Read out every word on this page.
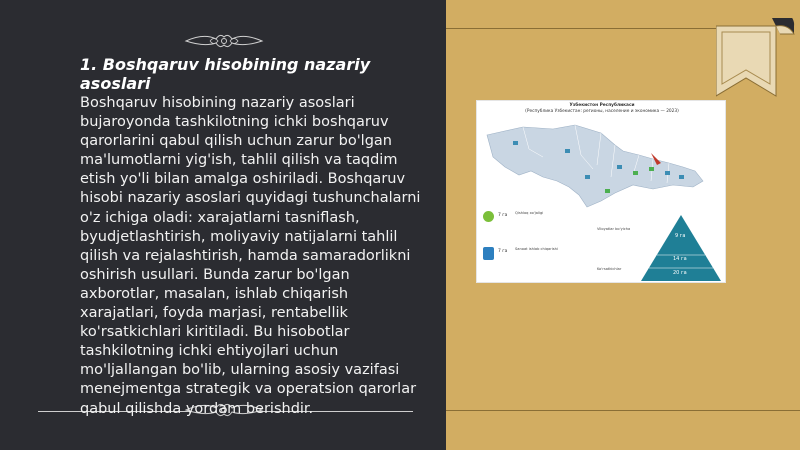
1. Boshqaruv hisobining nazariy asoslari
Boshqaruv hisobining nazariy asoslari bujaroyonda tashkilotning ichki boshqaruv qarorlarini qabul qilish uchun zarur bo'lgan ma'lumotlarni yig'ish, tahlil qilish va taqdim etish yo'li bilan amalga oshiriladi. Boshqaruv hisobi nazariy asoslari quyidagi tushunchalarni o'z ichiga oladi: xarajatlarni tasniflash, byudjetlashtirish, moliyaviy natijalarni tahlil qilish va rejalashtirish, hamda samaradorlikni oshirish usullari. Bunda zarur bo'lgan axborotlar, masalan, ishlab chiqarish xarajatlari, foyda marjasi, rentabellik ko'rsatkichlari kiritiladi. Bu hisobotlar tashkilotning ichki ehtiyojlari uchun mo'ljallangan bo'lib, ularning asosiy vazifasi menejmentga strategik va operatsion qarorlar qabul qilishda yordam berishdir.
Узбекистон Республикаси
(Республика Узбекистан: регионы, население и экономика — 2023)
7 га Qishloq xo'jaligi
7 га Sanoat ishlab chiqarishi
Viloyatlar bo'yicha
Ko'rsatkichlar
9 га
14 га
20 га
